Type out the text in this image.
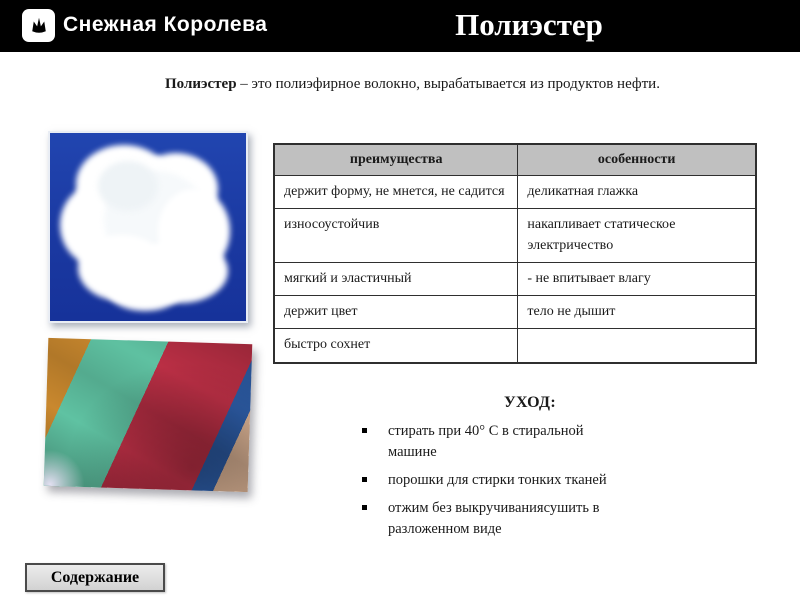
Снежная Королева	Полиэстер
Полиэстер – это полиэфирное волокно, вырабатывается из продуктов нефти.
преимущества	особенности
держит форму, не мнется, не садится	деликатная глажка
износоустойчив	накапливает статическое электричество
мягкий и эластичный	- не впитывает влагу
держит цвет	тело не дышит
быстро сохнет	
УХОД:
стирать при 40° С в стиральной машине
порошки для стирки тонких тканей
отжим без выкручиваниясушить в разложенном виде
Содержание
